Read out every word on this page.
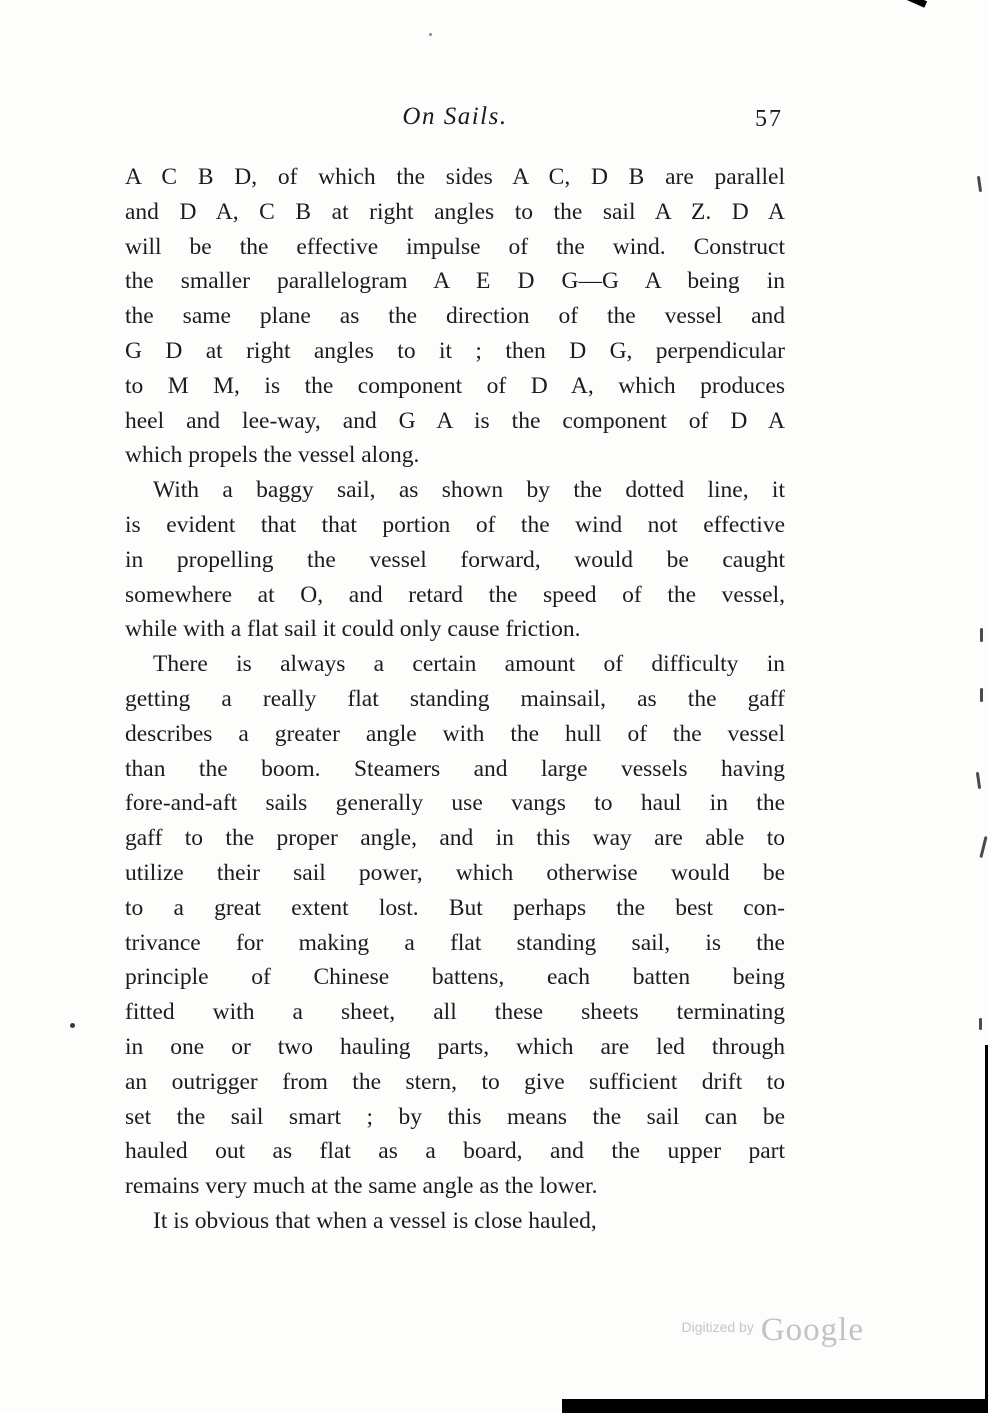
On Sails.	57
A C B D, of which the sides A C, D B are parallel
and D A, C B at right angles to the sail A Z. D A
will be the effective impulse of the wind. Construct
the smaller parallelogram A E D G—G A being in
the same plane as the direction of the vessel and
G D at right angles to it ; then D G, perpendicular
to M M, is the component of D A, which produces
heel and lee-way, and G A is the component of D A
which propels the vessel along.
With a baggy sail, as shown by the dotted line, it
is evident that that portion of the wind not effective
in propelling the vessel forward, would be caught
somewhere at O, and retard the speed of the vessel,
while with a flat sail it could only cause friction.
There is always a certain amount of difficulty in
getting a really flat standing mainsail, as the gaff
describes a greater angle with the hull of the vessel
than the boom. Steamers and large vessels having
fore-and-aft sails generally use vangs to haul in the
gaff to the proper angle, and in this way are able to
utilize their sail power, which otherwise would be
to a great extent lost. But perhaps the best con-
trivance for making a flat standing sail, is the
principle of Chinese battens, each batten being
fitted with a sheet, all these sheets terminating
in one or two hauling parts, which are led through
an outrigger from the stern, to give sufficient drift to
set the sail smart ; by this means the sail can be
hauled out as flat as a board, and the upper part
remains very much at the same angle as the lower.
It is obvious that when a vessel is close hauled,
Digitized by Google
